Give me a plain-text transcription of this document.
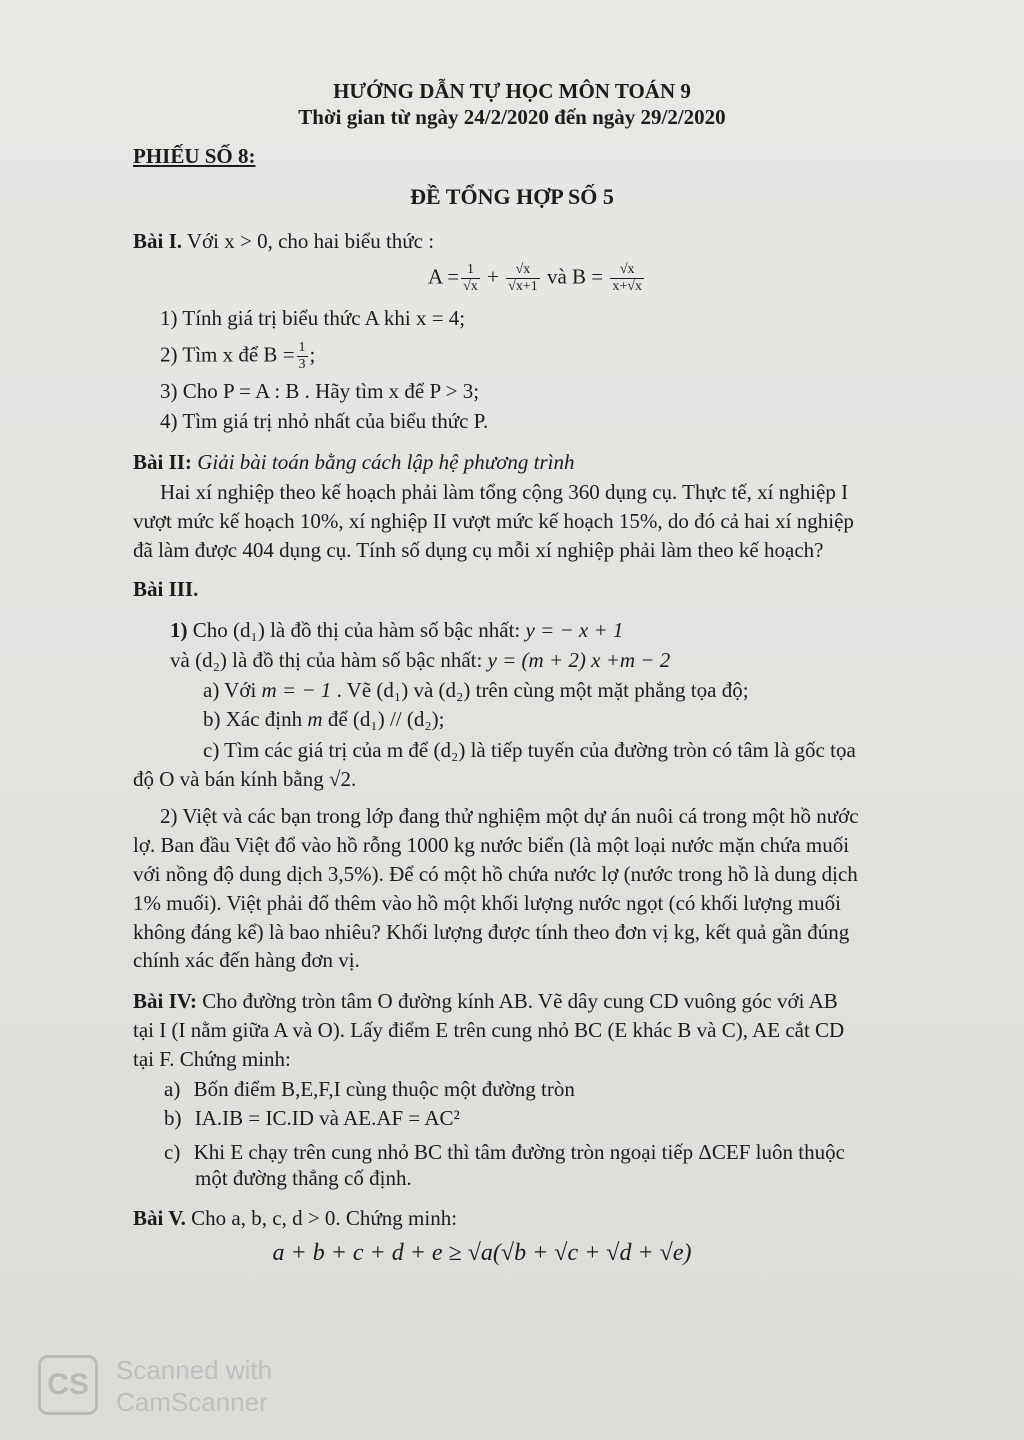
HƯỚNG DẪN TỰ HỌC MÔN TOÁN 9
Thời gian từ ngày 24/2/2020 đến ngày 29/2/2020
PHIẾU SỐ 8:
ĐỀ TỔNG HỢP SỐ 5
Bài I. Với x > 0, cho hai biểu thức :
$A = \frac{1}{√x} + \frac{√x}{√x+1}$ và $B = \frac{√x}{x+√x}$
1) Tính giá trị biểu thức A khi x = 4;
2) Tìm x để $B = \frac{1}{3}$ ;
3) Cho P = A : B . Hãy tìm x để P > 3;
4) Tìm giá trị nhỏ nhất của biểu thức P.
Bài II: Giải bài toán bằng cách lập hệ phương trình
Hai xí nghiệp theo kế hoạch phải làm tổng cộng 360 dụng cụ. Thực tế, xí nghiệp I
vượt mức kế hoạch 10%, xí nghiệp II vượt mức kế hoạch 15%, do đó cả hai xí nghiệp
đã làm được 404 dụng cụ. Tính số dụng cụ mỗi xí nghiệp phải làm theo kế hoạch?
Bài III.
1) Cho (d₁) là đồ thị của hàm số bậc nhất: y = − x + 1
và (d₂) là đồ thị của hàm số bậc nhất: y = (m + 2) x +m − 2
a) Với m = − 1 . Vẽ (d₁) và (d₂) trên cùng một mặt phẳng tọa độ;
b) Xác định m để (d₁) // (d₂);
c) Tìm các giá trị của m để (d₂) là tiếp tuyến của đường tròn có tâm là gốc tọa
độ O và bán kính bằng √2.
2) Việt và các bạn trong lớp đang thử nghiệm một dự án nuôi cá trong một hồ nước
lợ. Ban đầu Việt đổ vào hồ rỗng 1000 kg nước biển (là một loại nước mặn chứa muối
với nồng độ dung dịch 3,5%). Để có một hồ chứa nước lợ (nước trong hồ là dung dịch
1% muối). Việt phải đổ thêm vào hồ một khối lượng nước ngọt (có khối lượng muối
không đáng kể) là bao nhiêu? Khối lượng được tính theo đơn vị kg, kết quả gần đúng
chính xác đến hàng đơn vị.
Bài IV: Cho đường tròn tâm O đường kính AB. Vẽ dây cung CD vuông góc với AB
tại I (I nằm giữa A và O). Lấy điểm E trên cung nhỏ BC (E khác B và C), AE cắt CD
tại F. Chứng minh:
a) Bốn điểm B,E,F,I cùng thuộc một đường tròn
b) IA.IB = IC.ID và AE.AF = AC²
c) Khi E chạy trên cung nhỏ BC thì tâm đường tròn ngoại tiếp ΔCEF luôn thuộc
một đường thẳng cố định.
Bài V. Cho a, b, c, d > 0. Chứng minh:
a + b + c + d + e ≥ √a(√b + √c + √d + √e)
CS	Scanned with
CamScanner
